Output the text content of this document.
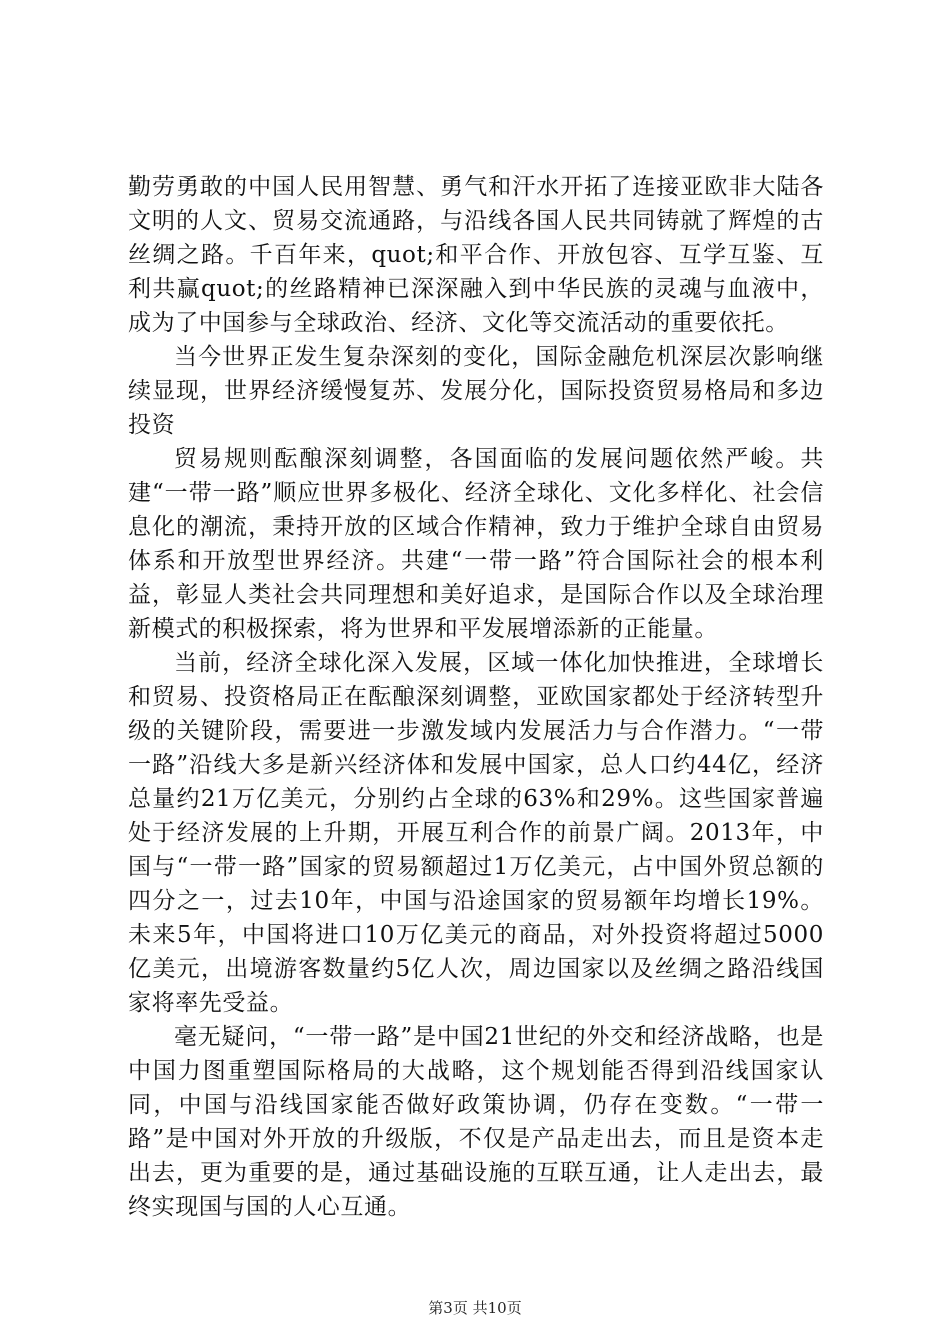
勤劳勇敢的中国人民用智慧、勇气和汗水开拓了连接亚欧非大陆各文明的人文、贸易交流通路，与沿线各国人民共同铸就了辉煌的古丝绸之路。千百年来，quot;和平合作、开放包容、互学互鉴、互利共赢quot;的丝路精神已深深融入到中华民族的灵魂与血液中，成为了中国参与全球政治、经济、文化等交流活动的重要依托。

当今世界正发生复杂深刻的变化，国际金融危机深层次影响继续显现，世界经济缓慢复苏、发展分化，国际投资贸易格局和多边投资

贸易规则酝酿深刻调整，各国面临的发展问题依然严峻。共建“一带一路”顺应世界多极化、经济全球化、文化多样化、社会信息化的潮流，秉持开放的区域合作精神，致力于维护全球自由贸易体系和开放型世界经济。共建“一带一路”符合国际社会的根本利益，彰显人类社会共同理想和美好追求，是国际合作以及全球治理新模式的积极探索，将为世界和平发展增添新的正能量。

当前，经济全球化深入发展，区域一体化加快推进，全球增长和贸易、投资格局正在酝酿深刻调整，亚欧国家都处于经济转型升级的关键阶段，需要进一步激发域内发展活力与合作潜力。“一带一路”沿线大多是新兴经济体和发展中国家，总人口约44亿，经济总量约21万亿美元，分别约占全球的63%和29%。这些国家普遍处于经济发展的上升期，开展互利合作的前景广阔。2013年，中国与“一带一路”国家的贸易额超过1万亿美元，占中国外贸总额的四分之一，过去10年，中国与沿途国家的贸易额年均增长19%。未来5年，中国将进口10万亿美元的商品，对外投资将超过5000亿美元，出境游客数量约5亿人次，周边国家以及丝绸之路沿线国家将率先受益。

毫无疑问，“一带一路”是中国21世纪的外交和经济战略，也是中国力图重塑国际格局的大战略，这个规划能否得到沿线国家认同，中国与沿线国家能否做好政策协调，仍存在变数。“一带一路”是中国对外开放的升级版，不仅是产品走出去，而且是资本走出去，更为重要的是，通过基础设施的互联互通，让人走出去，最终实现国与国的人心互通。

第3页 共10页
